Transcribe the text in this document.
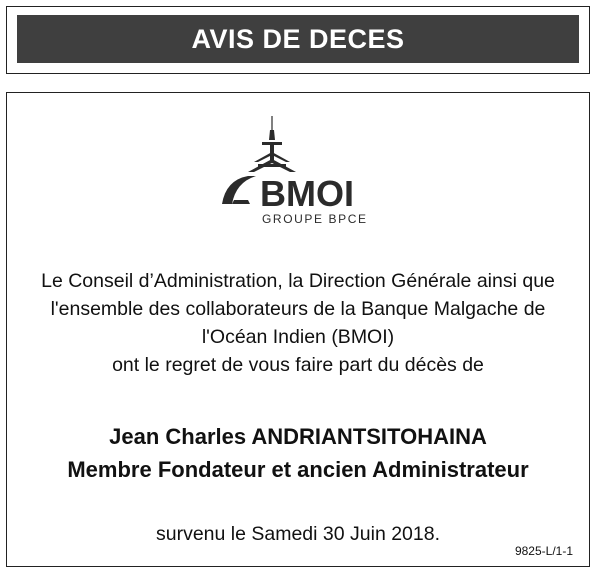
AVIS DE DECES
BMOI
GROUPE BPCE
Le Conseil d’Administration, la Direction Générale ainsi que
l'ensemble des collaborateurs de la Banque Malgache de
l'Océan Indien (BMOI)
ont le regret de vous faire part du décès de
Jean Charles ANDRIANTSITOHAINA
Membre Fondateur et ancien Administrateur
survenu le Samedi 30 Juin 2018.
9825-L/1-1
